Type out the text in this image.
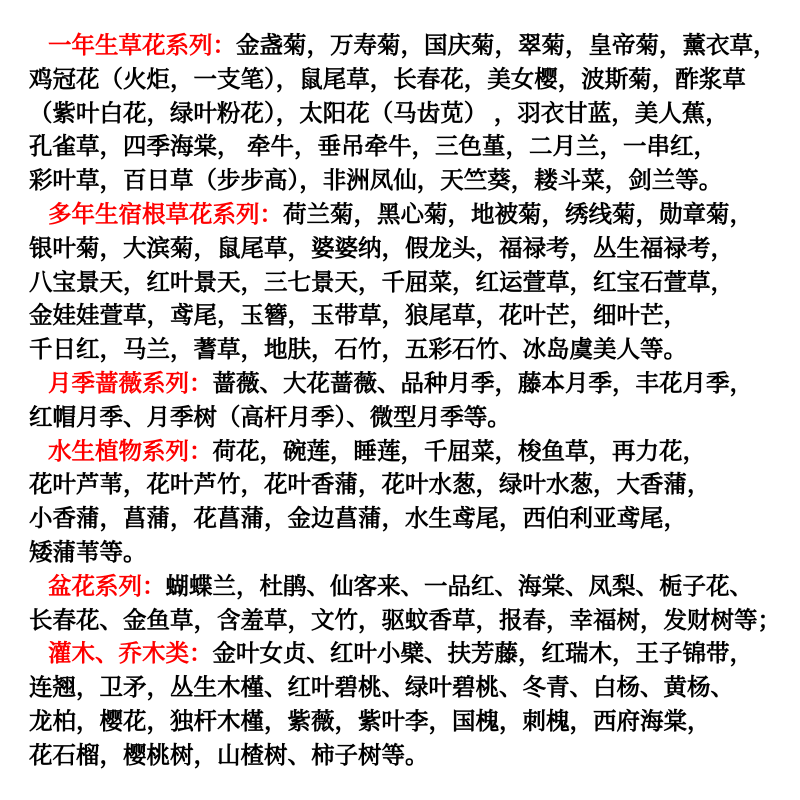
一年生草花系列：金盏菊，万寿菊，国庆菊，翠菊，皇帝菊，薰衣草，
鸡冠花（火炬，一支笔），鼠尾草，长春花，美女樱，波斯菊，酢浆草
（紫叶白花，绿叶粉花），太阳花（马齿苋） ，羽衣甘蓝，美人蕉，
孔雀草，四季海棠， 牵牛，垂吊牵牛，三色堇，二月兰，一串红，
彩叶草，百日草（步步高），非洲凤仙，天竺葵，耧斗菜，剑兰等。

多年生宿根草花系列：荷兰菊，黑心菊，地被菊，绣线菊，勋章菊，
银叶菊，大滨菊，鼠尾草，婆婆纳，假龙头，福禄考，丛生福禄考，
八宝景天，红叶景天，三七景天，千屈菜，红运萱草，红宝石萱草，
金娃娃萱草，鸢尾，玉簪，玉带草，狼尾草，花叶芒，细叶芒，
千日红，马兰，蓍草，地肤，石竹，五彩石竹、冰岛虞美人等。

月季蔷薇系列：蔷薇、大花蔷薇、品种月季，藤本月季，丰花月季，
红帽月季、月季树（高杆月季）、微型月季等。

水生植物系列：荷花，碗莲，睡莲，千屈菜，梭鱼草，再力花，
花叶芦苇，花叶芦竹，花叶香蒲，花叶水葱，绿叶水葱，大香蒲，
小香蒲，菖蒲，花菖蒲，金边菖蒲，水生鸢尾，西伯利亚鸢尾，
矮蒲苇等。

盆花系列：蝴蝶兰，杜鹃、仙客来、一品红、海棠、凤梨、栀子花、
长春花、金鱼草，含羞草，文竹，驱蚊香草，报春，幸福树，发财树等；

灌木、乔木类：金叶女贞、红叶小檗、扶芳藤，红瑞木，王子锦带，
连翘，卫矛，丛生木槿、红叶碧桃、绿叶碧桃、冬青、白杨、黄杨、
龙柏，樱花，独杆木槿，紫薇，紫叶李，国槐，刺槐，西府海棠，
花石榴，樱桃树，山楂树、柿子树等。
